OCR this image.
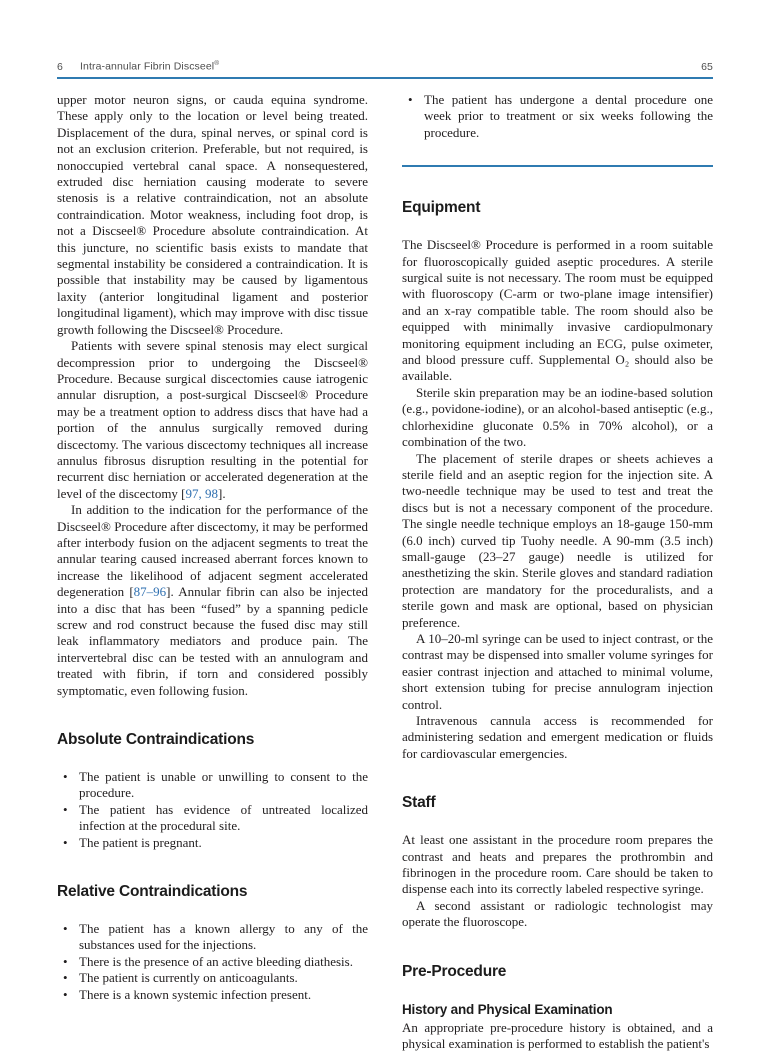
6	Intra-annular Fibrin Discseel®	65

upper motor neuron signs, or cauda equina syndrome. These apply only to the location or level being treated. Displacement of the dura, spinal nerves, or spinal cord is not an exclusion criterion. Preferable, but not required, is nonoccupied vertebral canal space. A nonsequestered, extruded disc herniation causing moderate to severe stenosis is a relative contraindication, not an absolute contraindication. Motor weakness, including foot drop, is not a Discseel® Procedure absolute contraindication. At this juncture, no scientific basis exists to mandate that segmental instability be considered a contraindication. It is possible that instability may be caused by ligamentous laxity (anterior longitudinal ligament and posterior longitudinal ligament), which may improve with disc tissue growth following the Discseel® Procedure.

Patients with severe spinal stenosis may elect surgical decompression prior to undergoing the Discseel® Procedure. Because surgical discectomies cause iatrogenic annular disruption, a post-surgical Discseel® Procedure may be a treatment option to address discs that have had a portion of the annulus surgically removed during discectomy. The various discectomy techniques all increase annulus fibrosus disruption resulting in the potential for recurrent disc herniation or accelerated degeneration at the level of the discectomy [97, 98].

In addition to the indication for the performance of the Discseel® Procedure after discectomy, it may be performed after interbody fusion on the adjacent segments to treat the annular tearing caused increased aberrant forces known to increase the likelihood of adjacent segment accelerated degeneration [87–96]. Annular fibrin can also be injected into a disc that has been “fused” by a spanning pedicle screw and rod construct because the fused disc may still leak inflammatory mediators and produce pain. The intervertebral disc can be tested with an annulogram and treated with fibrin, if torn and considered possibly symptomatic, even following fusion.

Absolute Contraindications
• The patient is unable or unwilling to consent to the procedure.
• The patient has evidence of untreated localized infection at the procedural site.
• The patient is pregnant.
Relative Contraindications
• The patient has a known allergy to any of the substances used for the injections.
• There is the presence of an active bleeding diathesis.
• The patient is currently on anticoagulants.
• There is a known systemic infection present.
• The patient has undergone a dental procedure one week prior to treatment or six weeks following the procedure.
Equipment

The Discseel® Procedure is performed in a room suitable for fluoroscopically guided aseptic procedures. A sterile surgical suite is not necessary. The room must be equipped with fluoroscopy (C-arm or two-plane image intensifier) and an x-ray compatible table. The room should also be equipped with minimally invasive cardiopulmonary monitoring equipment including an ECG, pulse oximeter, and blood pressure cuff. Supplemental O₂ should also be available.

Sterile skin preparation may be an iodine-based solution (e.g., povidone-iodine), or an alcohol-based antiseptic (e.g., chlorhexidine gluconate 0.5% in 70% alcohol), or a combination of the two.

The placement of sterile drapes or sheets achieves a sterile field and an aseptic region for the injection site. A two-needle technique may be used to test and treat the discs but is not a necessary component of the procedure. The single needle technique employs an 18-gauge 150-mm (6.0 inch) curved tip Tuohy needle. A 90-mm (3.5 inch) small-gauge (23–27 gauge) needle is utilized for anesthetizing the skin. Sterile gloves and standard radiation protection are mandatory for the proceduralists, and a sterile gown and mask are optional, based on physician preference.

A 10–20-ml syringe can be used to inject contrast, or the contrast may be dispensed into smaller volume syringes for easier contrast injection and attached to minimal volume, short extension tubing for precise annulogram injection control.

Intravenous cannula access is recommended for administering sedation and emergent medication or fluids for cardiovascular emergencies.

Staff

At least one assistant in the procedure room prepares the contrast and heats and prepares the prothrombin and fibrinogen in the procedure room. Care should be taken to dispense each into its correctly labeled respective syringe.

A second assistant or radiologic technologist may operate the fluoroscope.

Pre-Procedure
History and Physical Examination

An appropriate pre-procedure history is obtained, and a physical examination is performed to establish the patient's
